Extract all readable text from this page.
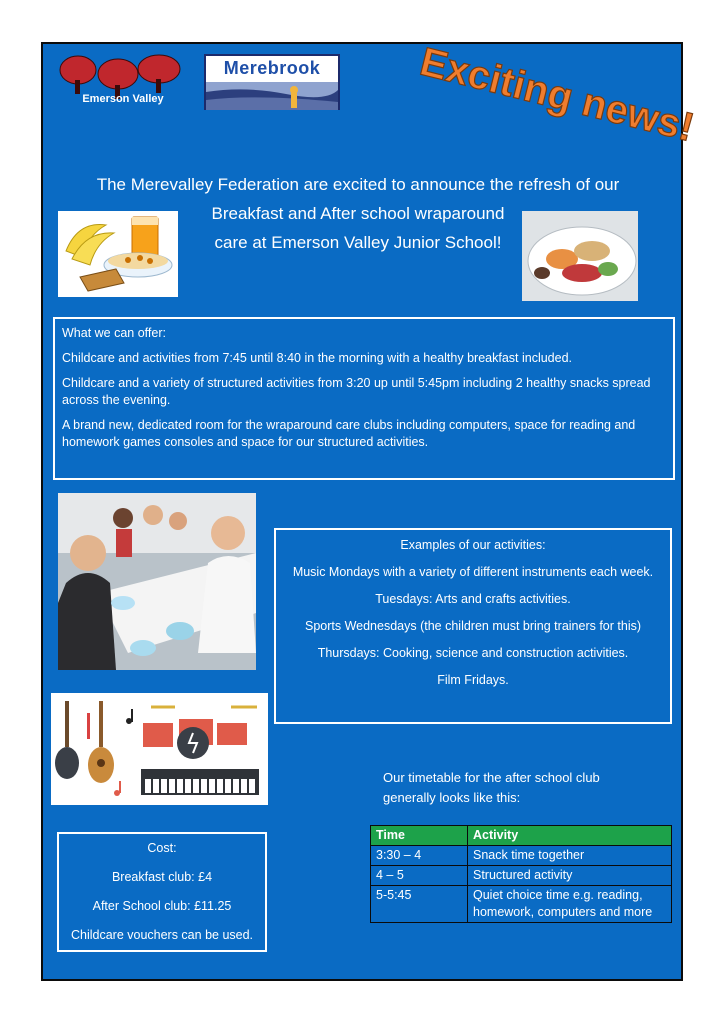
Emerson Valley
Merebrook	Exciting news!
The Merevalley Federation are excited to announce the refresh of our
Breakfast and After school wraparound
care at Emerson Valley Junior School!

What we can offer:

Childcare and activities from 7:45 until 8:40 in the morning with a healthy breakfast included.

Childcare and a variety of structured activities from 3:20 up until 5:45pm including 2 healthy snacks spread across the evening.

A brand new, dedicated room for the wraparound care clubs including computers, space for reading and homework games consoles and space for our structured activities.

Examples of our activities:

Music Mondays with a variety of different instruments each week.

Tuesdays: Arts and crafts activities.

Sports Wednesdays (the children must bring trainers for this)

Thursdays: Cooking, science and construction activities.

Film Fridays.

Our timetable for the after school club generally looks like this:

Cost:

Breakfast club: £4

After School club: £11.25

Childcare vouchers can be used.

Time	Activity
3:30 – 4	Snack time together
4 – 5	Structured activity
5-5:45	Quiet choice time e.g. reading, homework, computers and more
